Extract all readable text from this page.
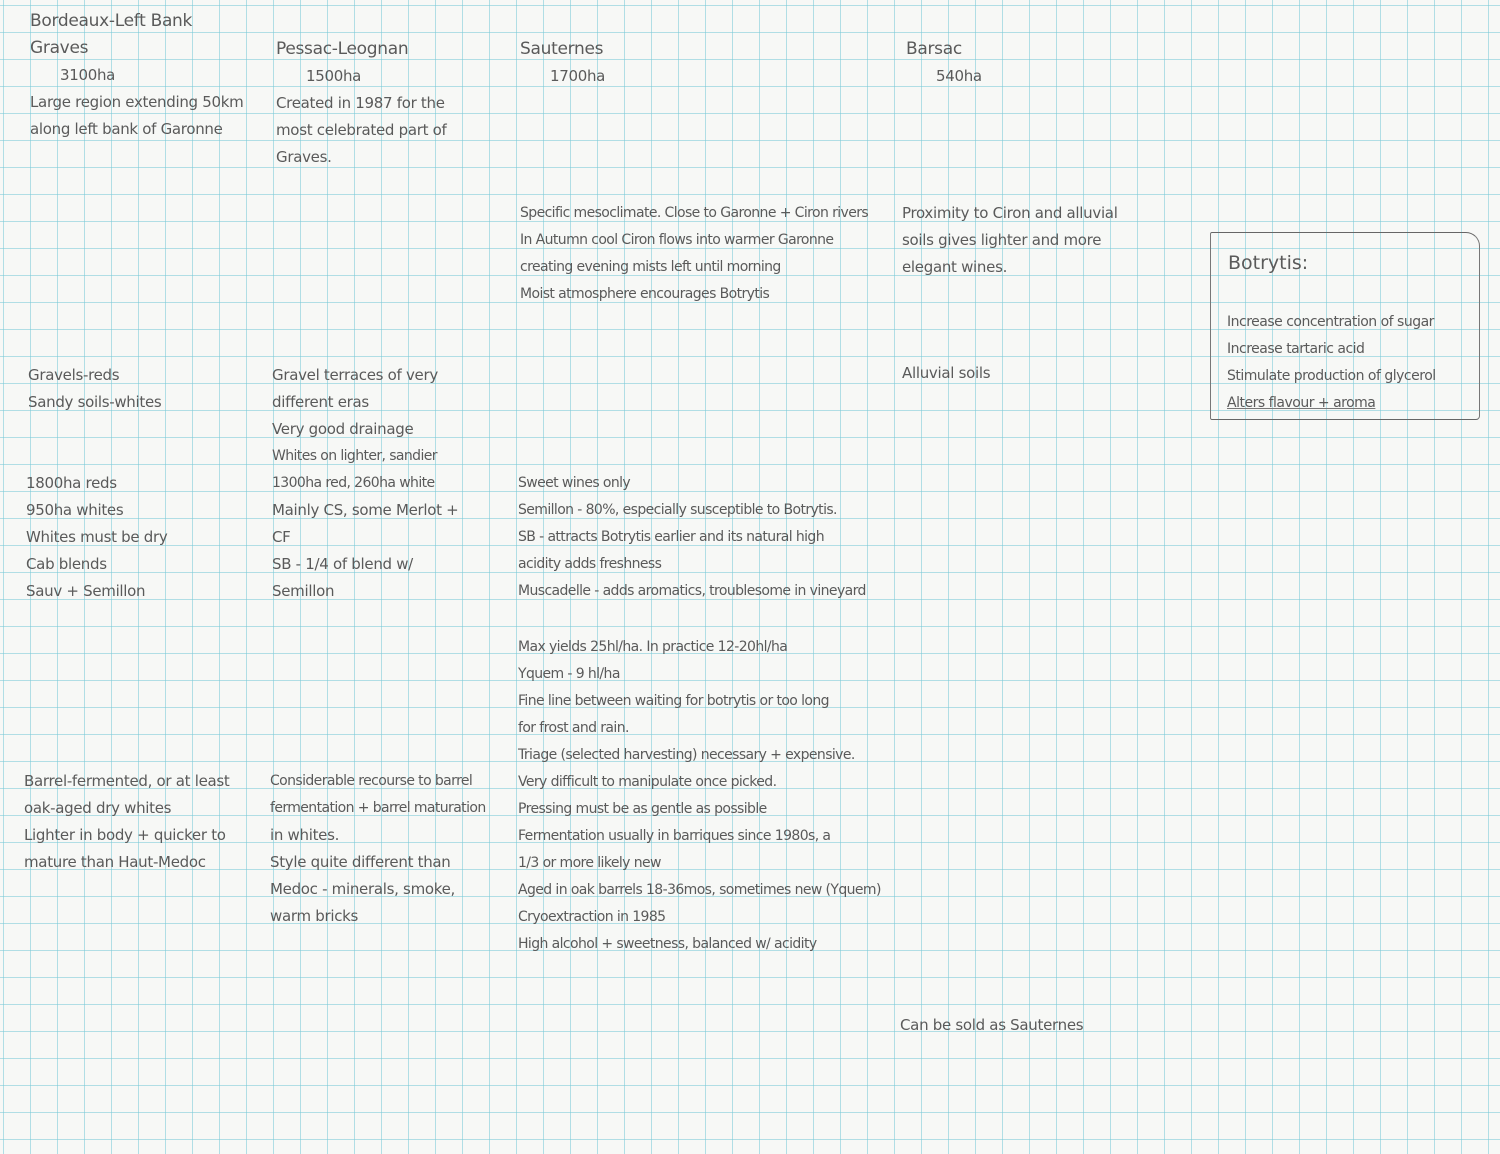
Bordeaux-Left Bank
Graves
3100ha
Large region extending 50km
along left bank of Garonne
Gravels-reds
Sandy soils-whites
1800ha reds
950ha whites
Whites must be dry
Cab blends
Sauv + Semillon
Barrel-fermented, or at least
oak-aged dry whites
Lighter in body + quicker to
mature than Haut-Medoc
Pessac-Leognan
1500ha
Created in 1987 for the
most celebrated part of
Graves.
Gravel terraces of very
different eras
Very good drainage
Whites on lighter, sandier
1300ha red, 260ha white
Mainly CS, some Merlot +
CF
SB - 1/4 of blend w/
Semillon
Considerable recourse to barrel
fermentation + barrel maturation
in whites.
Style quite different than
Medoc - minerals, smoke,
warm bricks
Sauternes
1700ha
Specific mesoclimate. Close to Garonne + Ciron rivers
In Autumn cool Ciron flows into warmer Garonne
creating evening mists left until morning
Moist atmosphere encourages Botrytis
Sweet wines only
Semillon - 80%, especially susceptible to Botrytis.
SB - attracts Botrytis earlier and its natural high
acidity adds freshness
Muscadelle - adds aromatics, troublesome in vineyard
Max yields 25hl/ha. In practice 12-20hl/ha
Yquem - 9 hl/ha
Fine line between waiting for botrytis or too long
for frost and rain.
Triage (selected harvesting) necessary + expensive.
Very difficult to manipulate once picked.
Pressing must be as gentle as possible
Fermentation usually in barriques since 1980s, a
1/3 or more likely new
Aged in oak barrels 18-36mos, sometimes new (Yquem)
Cryoextraction in 1985
High alcohol + sweetness, balanced w/ acidity
Barsac
540ha
Proximity to Ciron and alluvial
soils gives lighter and more
elegant wines.
Alluvial soils
Can be sold as Sauternes
Botrytis:
Increase concentration of sugar
Increase tartaric acid
Stimulate production of glycerol
Alters flavour + aroma
